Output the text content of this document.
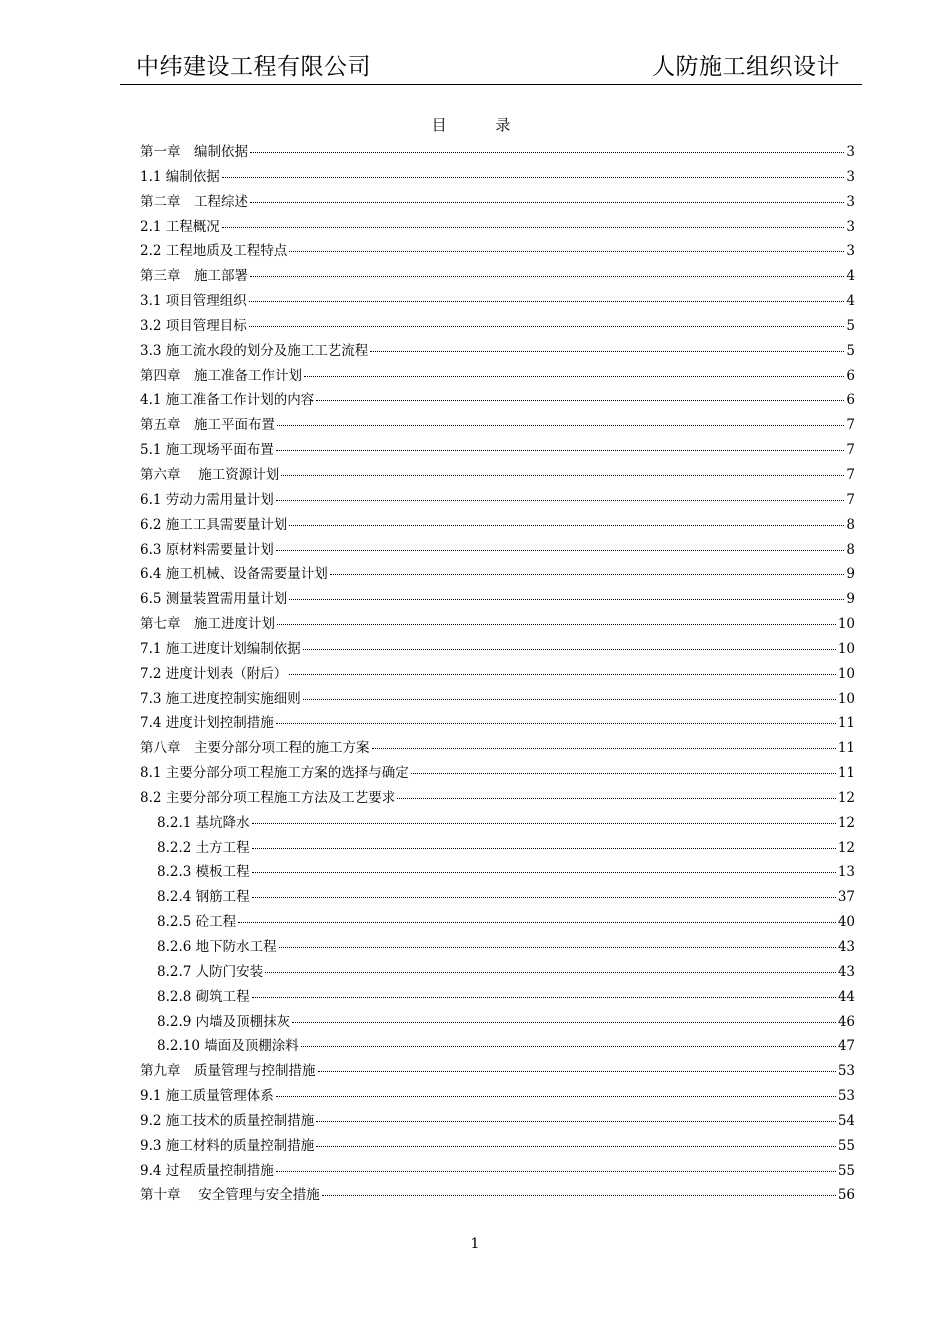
中纬建设工程有限公司	人防施工组织设计
目 录
第一章　编制依据	3
1.1 编制依据	3
第二章　工程综述	3
2.1 工程概况	3
2.2 工程地质及工程特点	3
第三章　施工部署	4
3.1 项目管理组织	4
3.2 项目管理目标	5
3.3 施工流水段的划分及施工工艺流程	5
第四章　施工准备工作计划	6
4.1 施工准备工作计划的内容	6
第五章　施工平面布置	7
5.1 施工现场平面布置	7
第六章　 施工资源计划	7
6.1 劳动力需用量计划	7
6.2 施工工具需要量计划	8
6.3 原材料需要量计划	8
6.4 施工机械、设备需要量计划	9
6.5 测量装置需用量计划	9
第七章　施工进度计划	10
7.1 施工进度计划编制依据	10
7.2 进度计划表（附后）	10
7.3 施工进度控制实施细则	10
7.4 进度计划控制措施	11
第八章　主要分部分项工程的施工方案	11
8.1 主要分部分项工程施工方案的选择与确定	11
8.2 主要分部分项工程施工方法及工艺要求	12
8.2.1 基坑降水	12
8.2.2 土方工程	12
8.2.3 模板工程	13
8.2.4 钢筋工程	37
8.2.5 砼工程	40
8.2.6 地下防水工程	43
8.2.7 人防门安装	43
8.2.8 砌筑工程	44
8.2.9 内墙及顶棚抹灰	46
8.2.10 墙面及顶棚涂料	47
第九章　质量管理与控制措施	53
9.1 施工质量管理体系	53
9.2 施工技术的质量控制措施	54
9.3 施工材料的质量控制措施	55
9.4 过程质量控制措施	55
第十章　 安全管理与安全措施	56
1
